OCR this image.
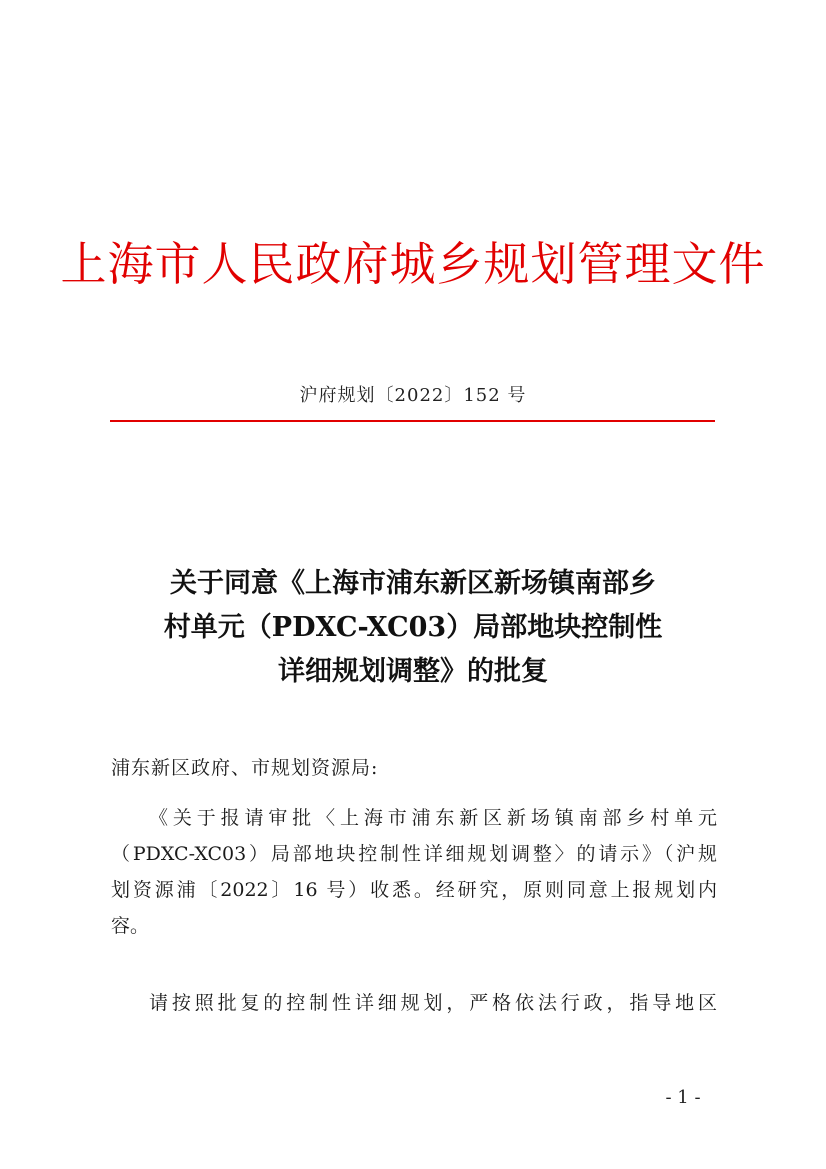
上海市人民政府城乡规划管理文件
沪府规划〔2022〕152 号
关于同意《上海市浦东新区新场镇南部乡
村单元（PDXC-XC03）局部地块控制性
详细规划调整》的批复
浦东新区政府、市规划资源局:
《关于报请审批〈上海市浦东新区新场镇南部乡村单元
（PDXC-XC03）局部地块控制性详细规划调整〉的请示》（沪规
划资源浦〔2022〕16 号）收悉。经研究，原则同意上报规划内
容。
请按照批复的控制性详细规划，严格依法行政，指导地区
- 1 -
